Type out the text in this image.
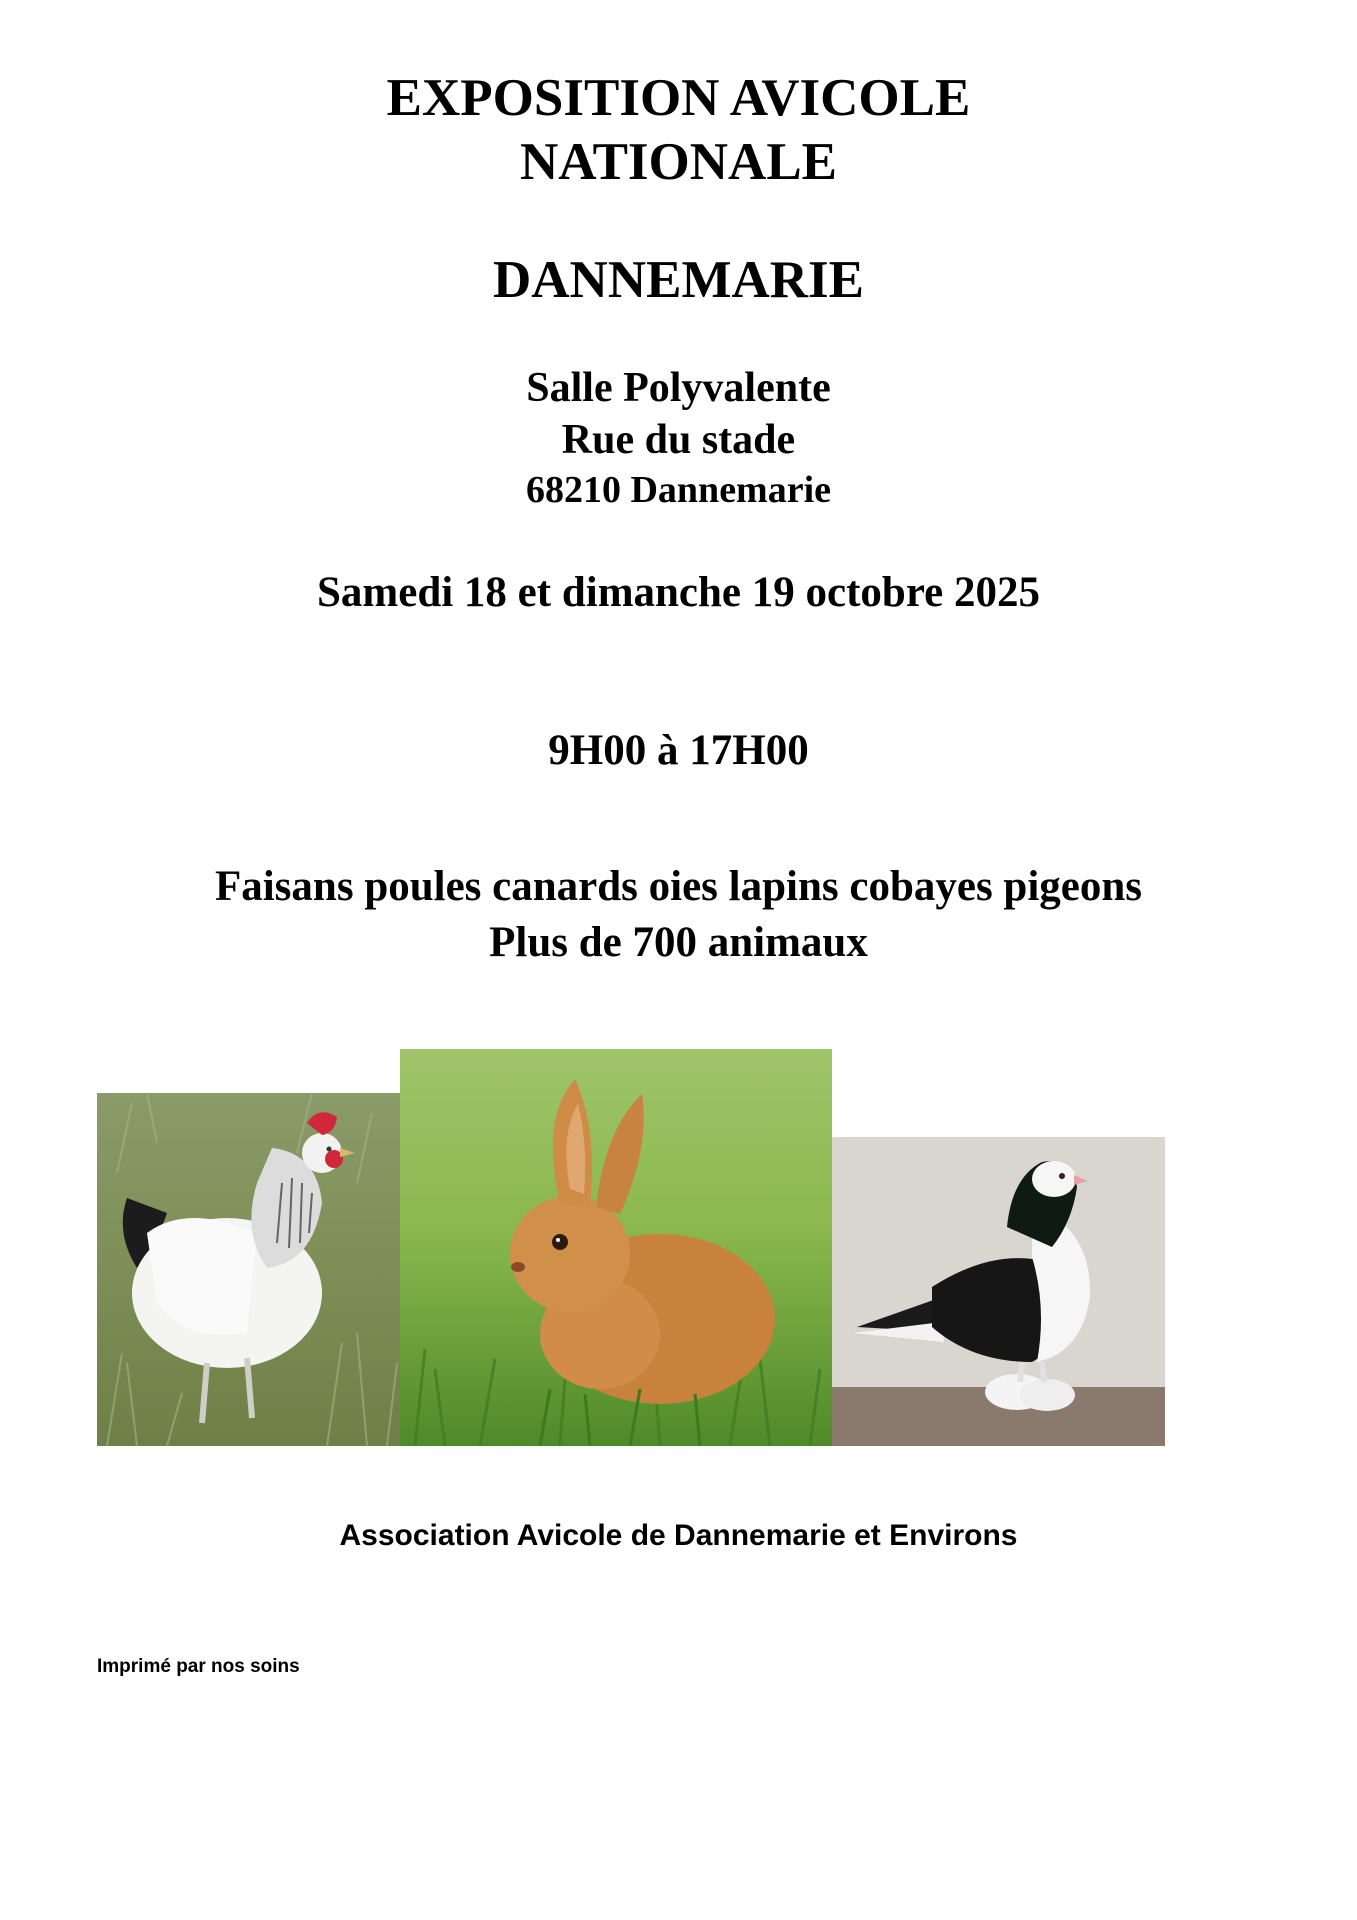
EXPOSITION AVICOLE
NATIONALE
DANNEMARIE
Salle Polyvalente
Rue du stade
68210 Dannemarie
Samedi 18 et dimanche 19 octobre 2025
9H00 à 17H00
Faisans poules canards oies lapins cobayes pigeons
Plus de 700 animaux
Association Avicole de Dannemarie et Environs
Imprimé par nos soins
